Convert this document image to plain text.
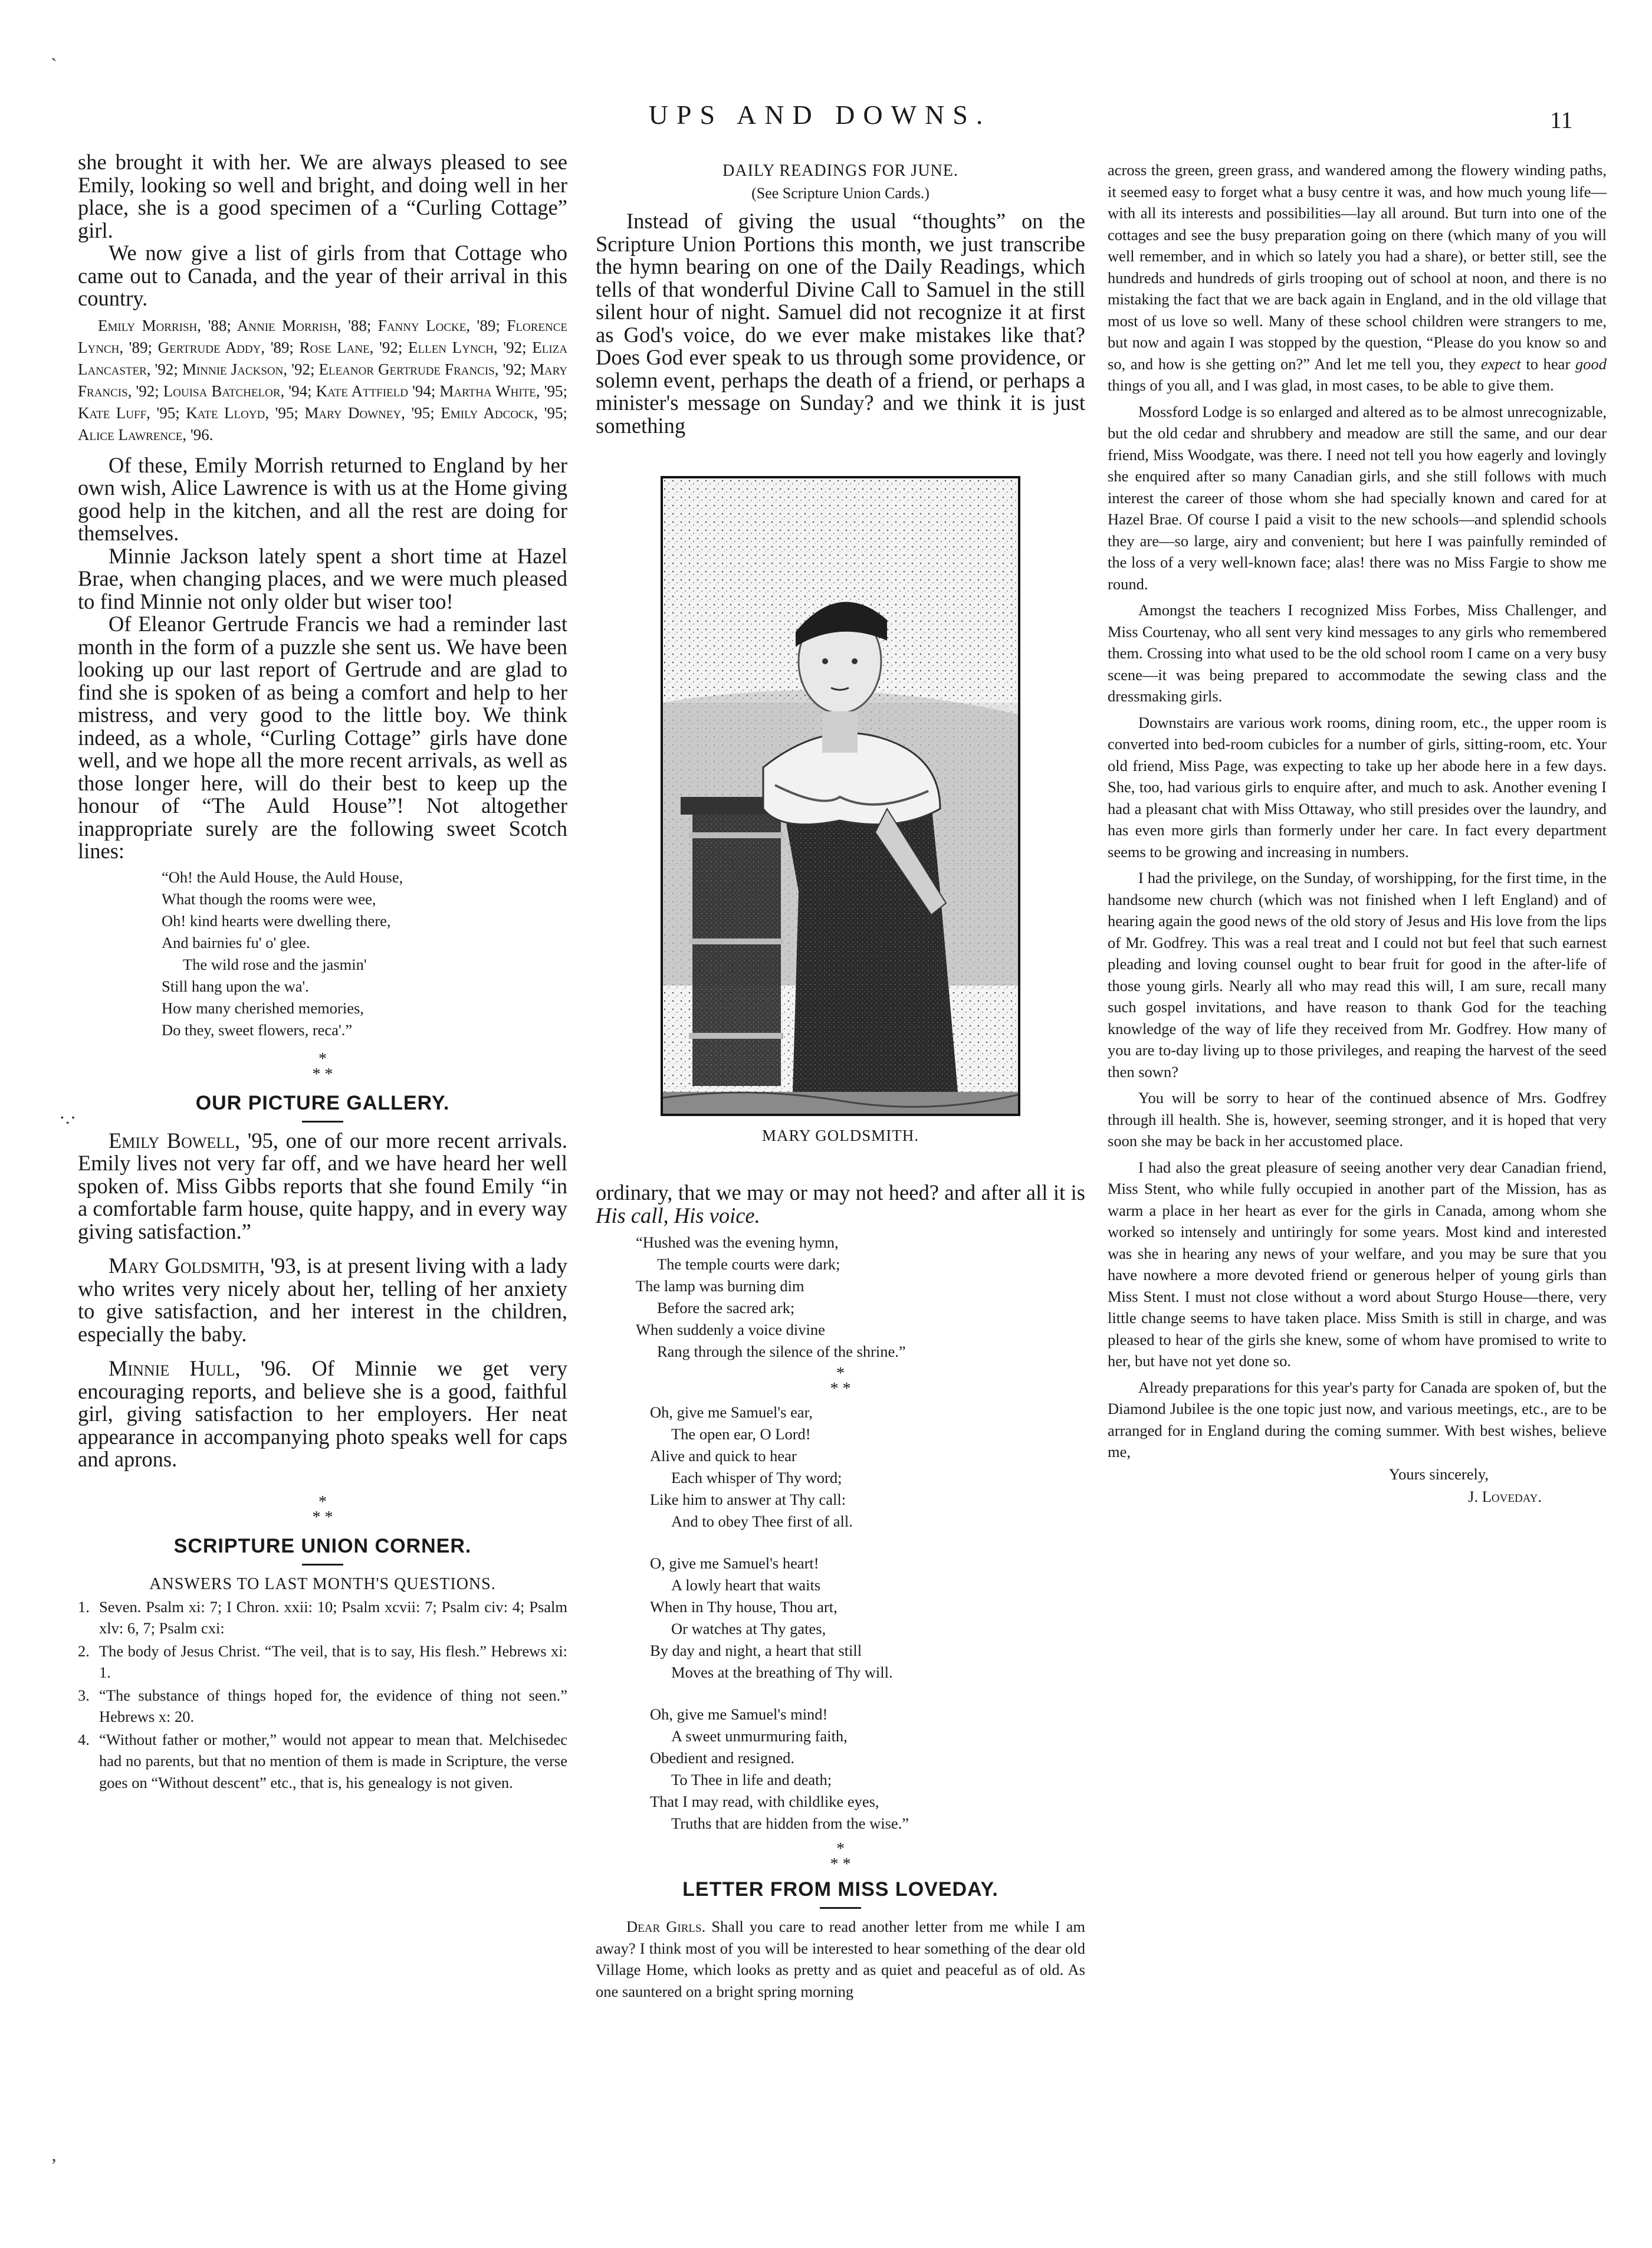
`
·.·
’
UPS AND DOWNS.	11

she brought it with her. We are always pleased to see Emily, looking so well and bright, and doing well in her place, she is a good specimen of a “Curling Cottage” girl.

We now give a list of girls from that Cottage who came out to Canada, and the year of their arrival in this country.

Emily Morrish, '88; Annie Morrish, '88; Fanny Locke, '89; Florence Lynch, '89; Gertrude Addy, '89; Rose Lane, '92; Ellen Lynch, '92; Eliza Lancaster, '92; Minnie Jackson, '92; Eleanor Gertrude Francis, '92; Mary Francis, '92; Louisa Batchelor, '94; Kate Attfield '94; Martha White, '95; Kate Luff, '95; Kate Lloyd, '95; Mary Downey, '95; Emily Adcock, '95; Alice Lawrence, '96.

Of these, Emily Morrish returned to England by her own wish, Alice Lawrence is with us at the Home giving good help in the kitchen, and all the rest are doing for themselves.

Minnie Jackson lately spent a short time at Hazel Brae, when changing places, and we were much pleased to find Minnie not only older but wiser too!

Of Eleanor Gertrude Francis we had a reminder last month in the form of a puzzle she sent us. We have been looking up our last report of Gertrude and are glad to find she is spoken of as being a comfort and help to her mistress, and very good to the little boy. We think indeed, as a whole, “Curling Cottage” girls have done well, and we hope all the more recent arrivals, as well as those longer here, will do their best to keep up the honour of “The Auld House”! Not altogether inappropriate surely are the following sweet Scotch lines:

“Oh! the Auld House, the Auld House,
What though the rooms were wee,
Oh! kind hearts were dwelling there,
And bairnies fu' o' glee.
The wild rose and the jasmin'
Still hang upon the wa'.
How many cherished memories,
Do they, sweet flowers, reca'.”
*
* *
OUR PICTURE GALLERY.

Emily Bowell, '95, one of our more recent arrivals. Emily lives not very far off, and we have heard her well spoken of. Miss Gibbs reports that she found Emily “in a comfortable farm house, quite happy, and in every way giving satisfaction.”

Mary Goldsmith, '93, is at present living with a lady who writes very nicely about her, telling of her anxiety to give satisfaction, and her interest in the children, especially the baby.

Minnie Hull, '96. Of Minnie we get very encouraging reports, and believe she is a good, faithful girl, giving satisfaction to her employers. Her neat appearance in accompanying photo speaks well for caps and aprons.

*
* *
SCRIPTURE UNION CORNER.
ANSWERS TO LAST MONTH'S QUESTIONS.
1. Seven. Psalm xi: 7; I Chron. xxii: 10; Psalm xcvii: 7; Psalm civ: 4; Psalm xlv: 6, 7; Psalm cxi:
2. The body of Jesus Christ. “The veil, that is to say, His flesh.” Hebrews xi: 1.
3. “The substance of things hoped for, the evidence of thing not seen.” Hebrews x: 20.
4. “Without father or mother,” would not appear to mean that. Melchisedec had no parents, but that no mention of them is made in Scripture, the verse goes on “Without descent” etc., that is, his genealogy is not given.
DAILY READINGS FOR JUNE.
(See Scripture Union Cards.)

Instead of giving the usual “thoughts” on the Scripture Union Portions this month, we just transcribe the hymn bearing on one of the Daily Readings, which tells of that wonderful Divine Call to Samuel in the still silent hour of night. Samuel did not recognize it at first as God's voice, do we ever make mistakes like that? Does God ever speak to us through some providence, or solemn event, perhaps the death of a friend, or perhaps a minister's message on Sunday? and we think it is just something

MARY GOLDSMITH.

ordinary, that we may or may not heed? and after all it is His call, His voice.

“Hushed was the evening hymn,
The temple courts were dark;
The lamp was burning dim
Before the sacred ark;
When suddenly a voice divine
Rang through the silence of the shrine.”
*
* *
Oh, give me Samuel's ear,
The open ear, O Lord!
Alive and quick to hear
Each whisper of Thy word;
Like him to answer at Thy call:
And to obey Thee first of all.
O, give me Samuel's heart!
A lowly heart that waits
When in Thy house, Thou art,
Or watches at Thy gates,
By day and night, a heart that still
Moves at the breathing of Thy will.
Oh, give me Samuel's mind!
A sweet unmurmuring faith,
Obedient and resigned.
To Thee in life and death;
That I may read, with childlike eyes,
Truths that are hidden from the wise.”
*
* *
LETTER FROM MISS LOVEDAY.

Dear Girls. Shall you care to read another letter from me while I am away? I think most of you will be interested to hear something of the dear old Village Home, which looks as pretty and as quiet and peaceful as of old. As one sauntered on a bright spring morning

across the green, green grass, and wandered among the flowery winding paths, it seemed easy to forget what a busy centre it was, and how much young life—with all its interests and possibilities—lay all around. But turn into one of the cottages and see the busy preparation going on there (which many of you will well remember, and in which so lately you had a share), or better still, see the hundreds and hundreds of girls trooping out of school at noon, and there is no mistaking the fact that we are back again in England, and in the old village that most of us love so well. Many of these school children were strangers to me, but now and again I was stopped by the question, “Please do you know so and so, and how is she getting on?” And let me tell you, they expect to hear good things of you all, and I was glad, in most cases, to be able to give them.

Mossford Lodge is so enlarged and altered as to be almost unrecognizable, but the old cedar and shrubbery and meadow are still the same, and our dear friend, Miss Woodgate, was there. I need not tell you how eagerly and lovingly she enquired after so many Canadian girls, and she still follows with much interest the career of those whom she had specially known and cared for at Hazel Brae. Of course I paid a visit to the new schools—and splendid schools they are—so large, airy and convenient; but here I was painfully reminded of the loss of a very well-known face; alas! there was no Miss Fargie to show me round.

Amongst the teachers I recognized Miss Forbes, Miss Challenger, and Miss Courtenay, who all sent very kind messages to any girls who remembered them. Crossing into what used to be the old school room I came on a very busy scene—it was being prepared to accommodate the sewing class and the dressmaking girls.

Downstairs are various work rooms, dining room, etc., the upper room is converted into bed-room cubicles for a number of girls, sitting-room, etc. Your old friend, Miss Page, was expecting to take up her abode here in a few days. She, too, had various girls to enquire after, and much to ask. Another evening I had a pleasant chat with Miss Ottaway, who still presides over the laundry, and has even more girls than formerly under her care. In fact every department seems to be growing and increasing in numbers.

I had the privilege, on the Sunday, of worshipping, for the first time, in the handsome new church (which was not finished when I left England) and of hearing again the good news of the old story of Jesus and His love from the lips of Mr. Godfrey. This was a real treat and I could not but feel that such earnest pleading and loving counsel ought to bear fruit for good in the after-life of those young girls. Nearly all who may read this will, I am sure, recall many such gospel invitations, and have reason to thank God for the teaching knowledge of the way of life they received from Mr. Godfrey. How many of you are to-day living up to those privileges, and reaping the harvest of the seed then sown?

You will be sorry to hear of the continued absence of Mrs. Godfrey through ill health. She is, however, seeming stronger, and it is hoped that very soon she may be back in her accustomed place.

I had also the great pleasure of seeing another very dear Canadian friend, Miss Stent, who while fully occupied in another part of the Mission, has as warm a place in her heart as ever for the girls in Canada, among whom she worked so intensely and untiringly for some years. Most kind and interested was she in hearing any news of your welfare, and you may be sure that you have nowhere a more devoted friend or generous helper of young girls than Miss Stent. I must not close without a word about Sturgo House—there, very little change seems to have taken place. Miss Smith is still in charge, and was pleased to hear of the girls she knew, some of whom have promised to write to her, but have not yet done so.

Already preparations for this year's party for Canada are spoken of, but the Diamond Jubilee is the one topic just now, and various meetings, etc., are to be arranged for in England during the coming summer. With best wishes, believe me,

Yours sincerely,
J. Loveday.
